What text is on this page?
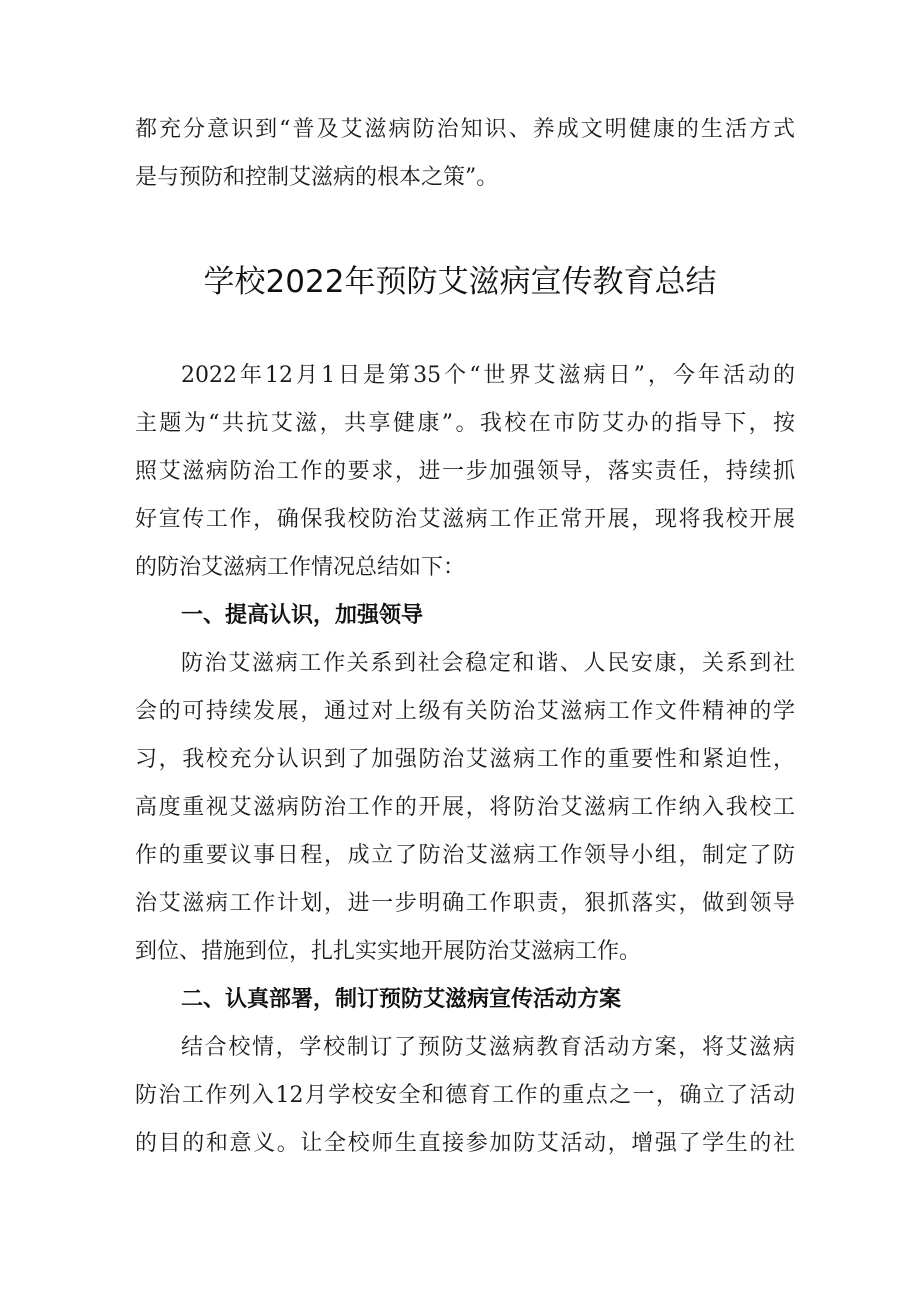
都充分意识到“普及艾滋病防治知识、养成文明健康的生活方式
是与预防和控制艾滋病的根本之策”。
学校2022年预防艾滋病宣传教育总结
2022年12月1日是第35个“世界艾滋病日”，今年活动的
主题为“共抗艾滋，共享健康”。我校在市防艾办的指导下，按
照艾滋病防治工作的要求，进一步加强领导，落实责任，持续抓
好宣传工作，确保我校防治艾滋病工作正常开展，现将我校开展
的防治艾滋病工作情况总结如下：
一、提高认识，加强领导
防治艾滋病工作关系到社会稳定和谐、人民安康，关系到社
会的可持续发展，通过对上级有关防治艾滋病工作文件精神的学
习，我校充分认识到了加强防治艾滋病工作的重要性和紧迫性，
高度重视艾滋病防治工作的开展，将防治艾滋病工作纳入我校工
作的重要议事日程，成立了防治艾滋病工作领导小组，制定了防
治艾滋病工作计划，进一步明确工作职责，狠抓落实，做到领导
到位、措施到位，扎扎实实地开展防治艾滋病工作。
二、认真部署，制订预防艾滋病宣传活动方案
结合校情，学校制订了预防艾滋病教育活动方案，将艾滋病
防治工作列入12月学校安全和德育工作的重点之一，确立了活动
的目的和意义。让全校师生直接参加防艾活动，增强了学生的社
